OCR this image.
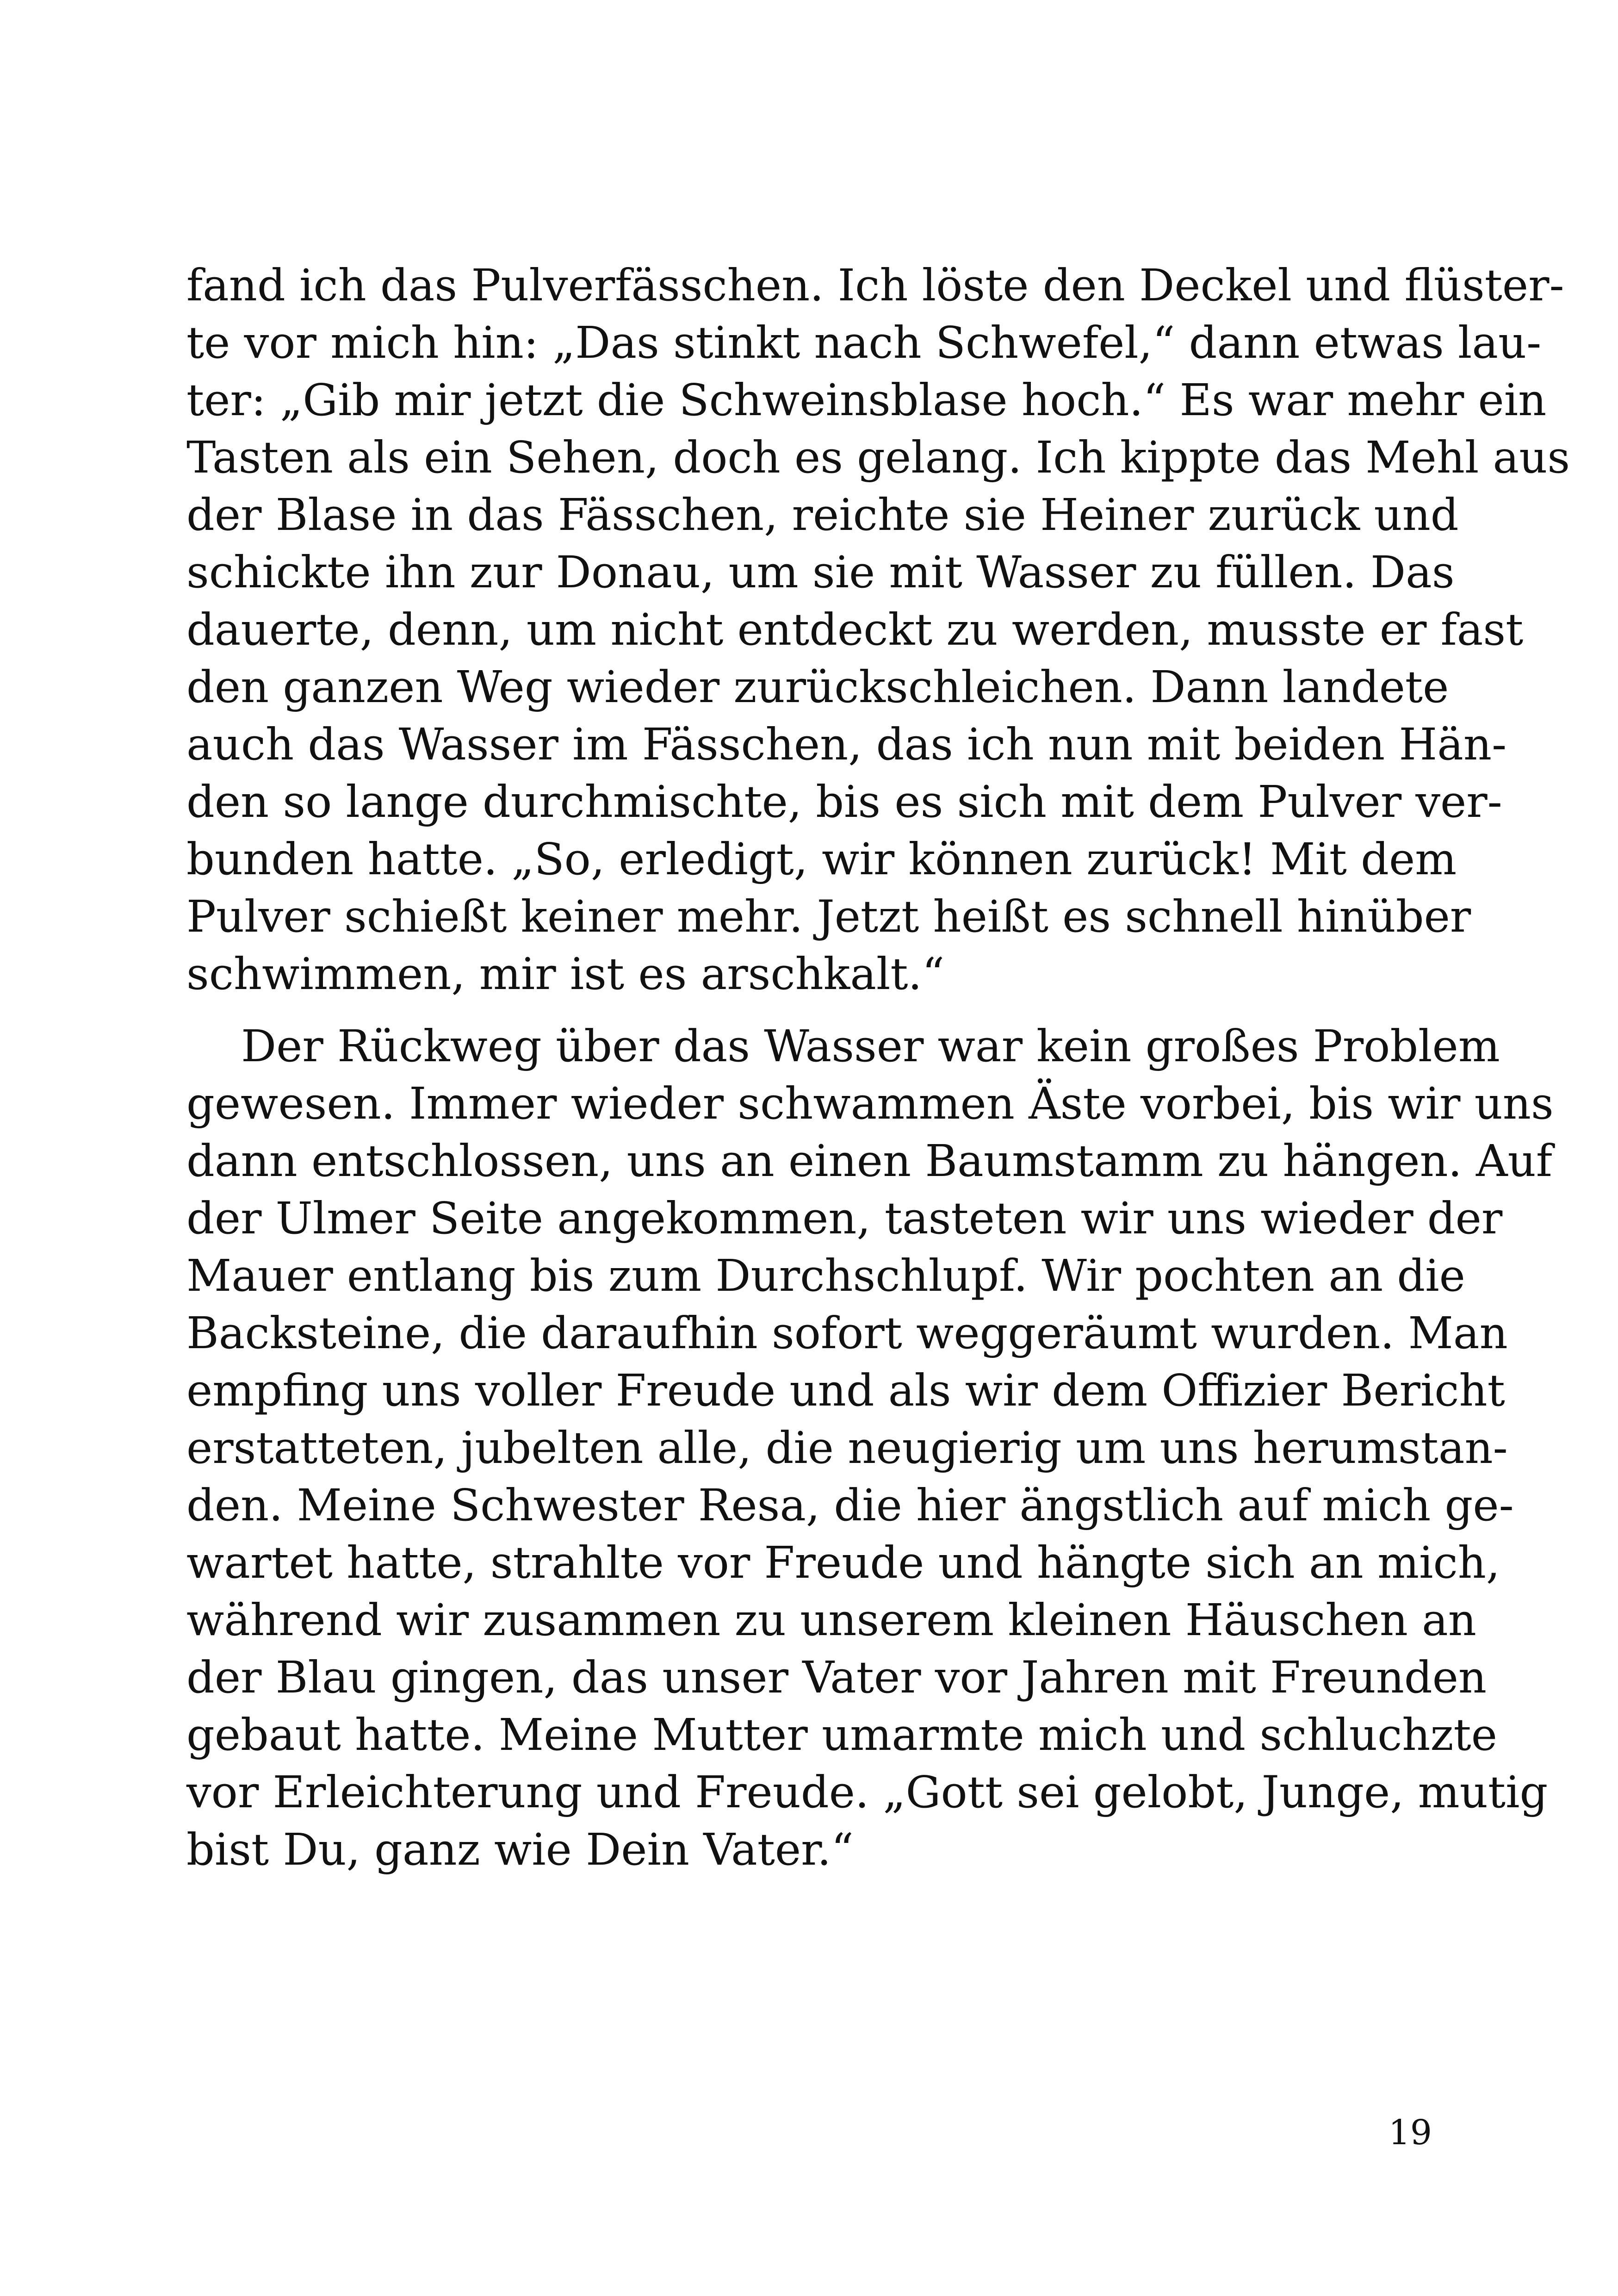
fand ich das Pulverfässchen. Ich löste den Deckel und flüster-
te vor mich hin: „Das stinkt nach Schwefel,“ dann etwas lau-
ter: „Gib mir jetzt die Schweinsblase hoch.“ Es war mehr ein
Tasten als ein Sehen, doch es gelang. Ich kippte das Mehl aus
der Blase in das Fässchen, reichte sie Heiner zurück und
schickte ihn zur Donau, um sie mit Wasser zu füllen. Das
dauerte, denn, um nicht entdeckt zu werden, musste er fast
den ganzen Weg wieder zurückschleichen. Dann landete
auch das Wasser im Fässchen, das ich nun mit beiden Hän-
den so lange durchmischte, bis es sich mit dem Pulver ver-
bunden hatte. „So, erledigt, wir können zurück! Mit dem
Pulver schießt keiner mehr. Jetzt heißt es schnell hinüber
schwimmen, mir ist es arschkalt.“

Der Rückweg über das Wasser war kein großes Problem
gewesen. Immer wieder schwammen Äste vorbei, bis wir uns
dann entschlossen, uns an einen Baumstamm zu hängen. Auf
der Ulmer Seite angekommen, tasteten wir uns wieder der
Mauer entlang bis zum Durchschlupf. Wir pochten an die
Backsteine, die daraufhin sofort weggeräumt wurden. Man
empfing uns voller Freude und als wir dem Offizier Bericht
erstatteten, jubelten alle, die neugierig um uns herumstan-
den. Meine Schwester Resa, die hier ängstlich auf mich ge-
wartet hatte, strahlte vor Freude und hängte sich an mich,
während wir zusammen zu unserem kleinen Häuschen an
der Blau gingen, das unser Vater vor Jahren mit Freunden
gebaut hatte. Meine Mutter umarmte mich und schluchzte
vor Erleichterung und Freude. „Gott sei gelobt, Junge, mutig
bist Du, ganz wie Dein Vater.“

19
